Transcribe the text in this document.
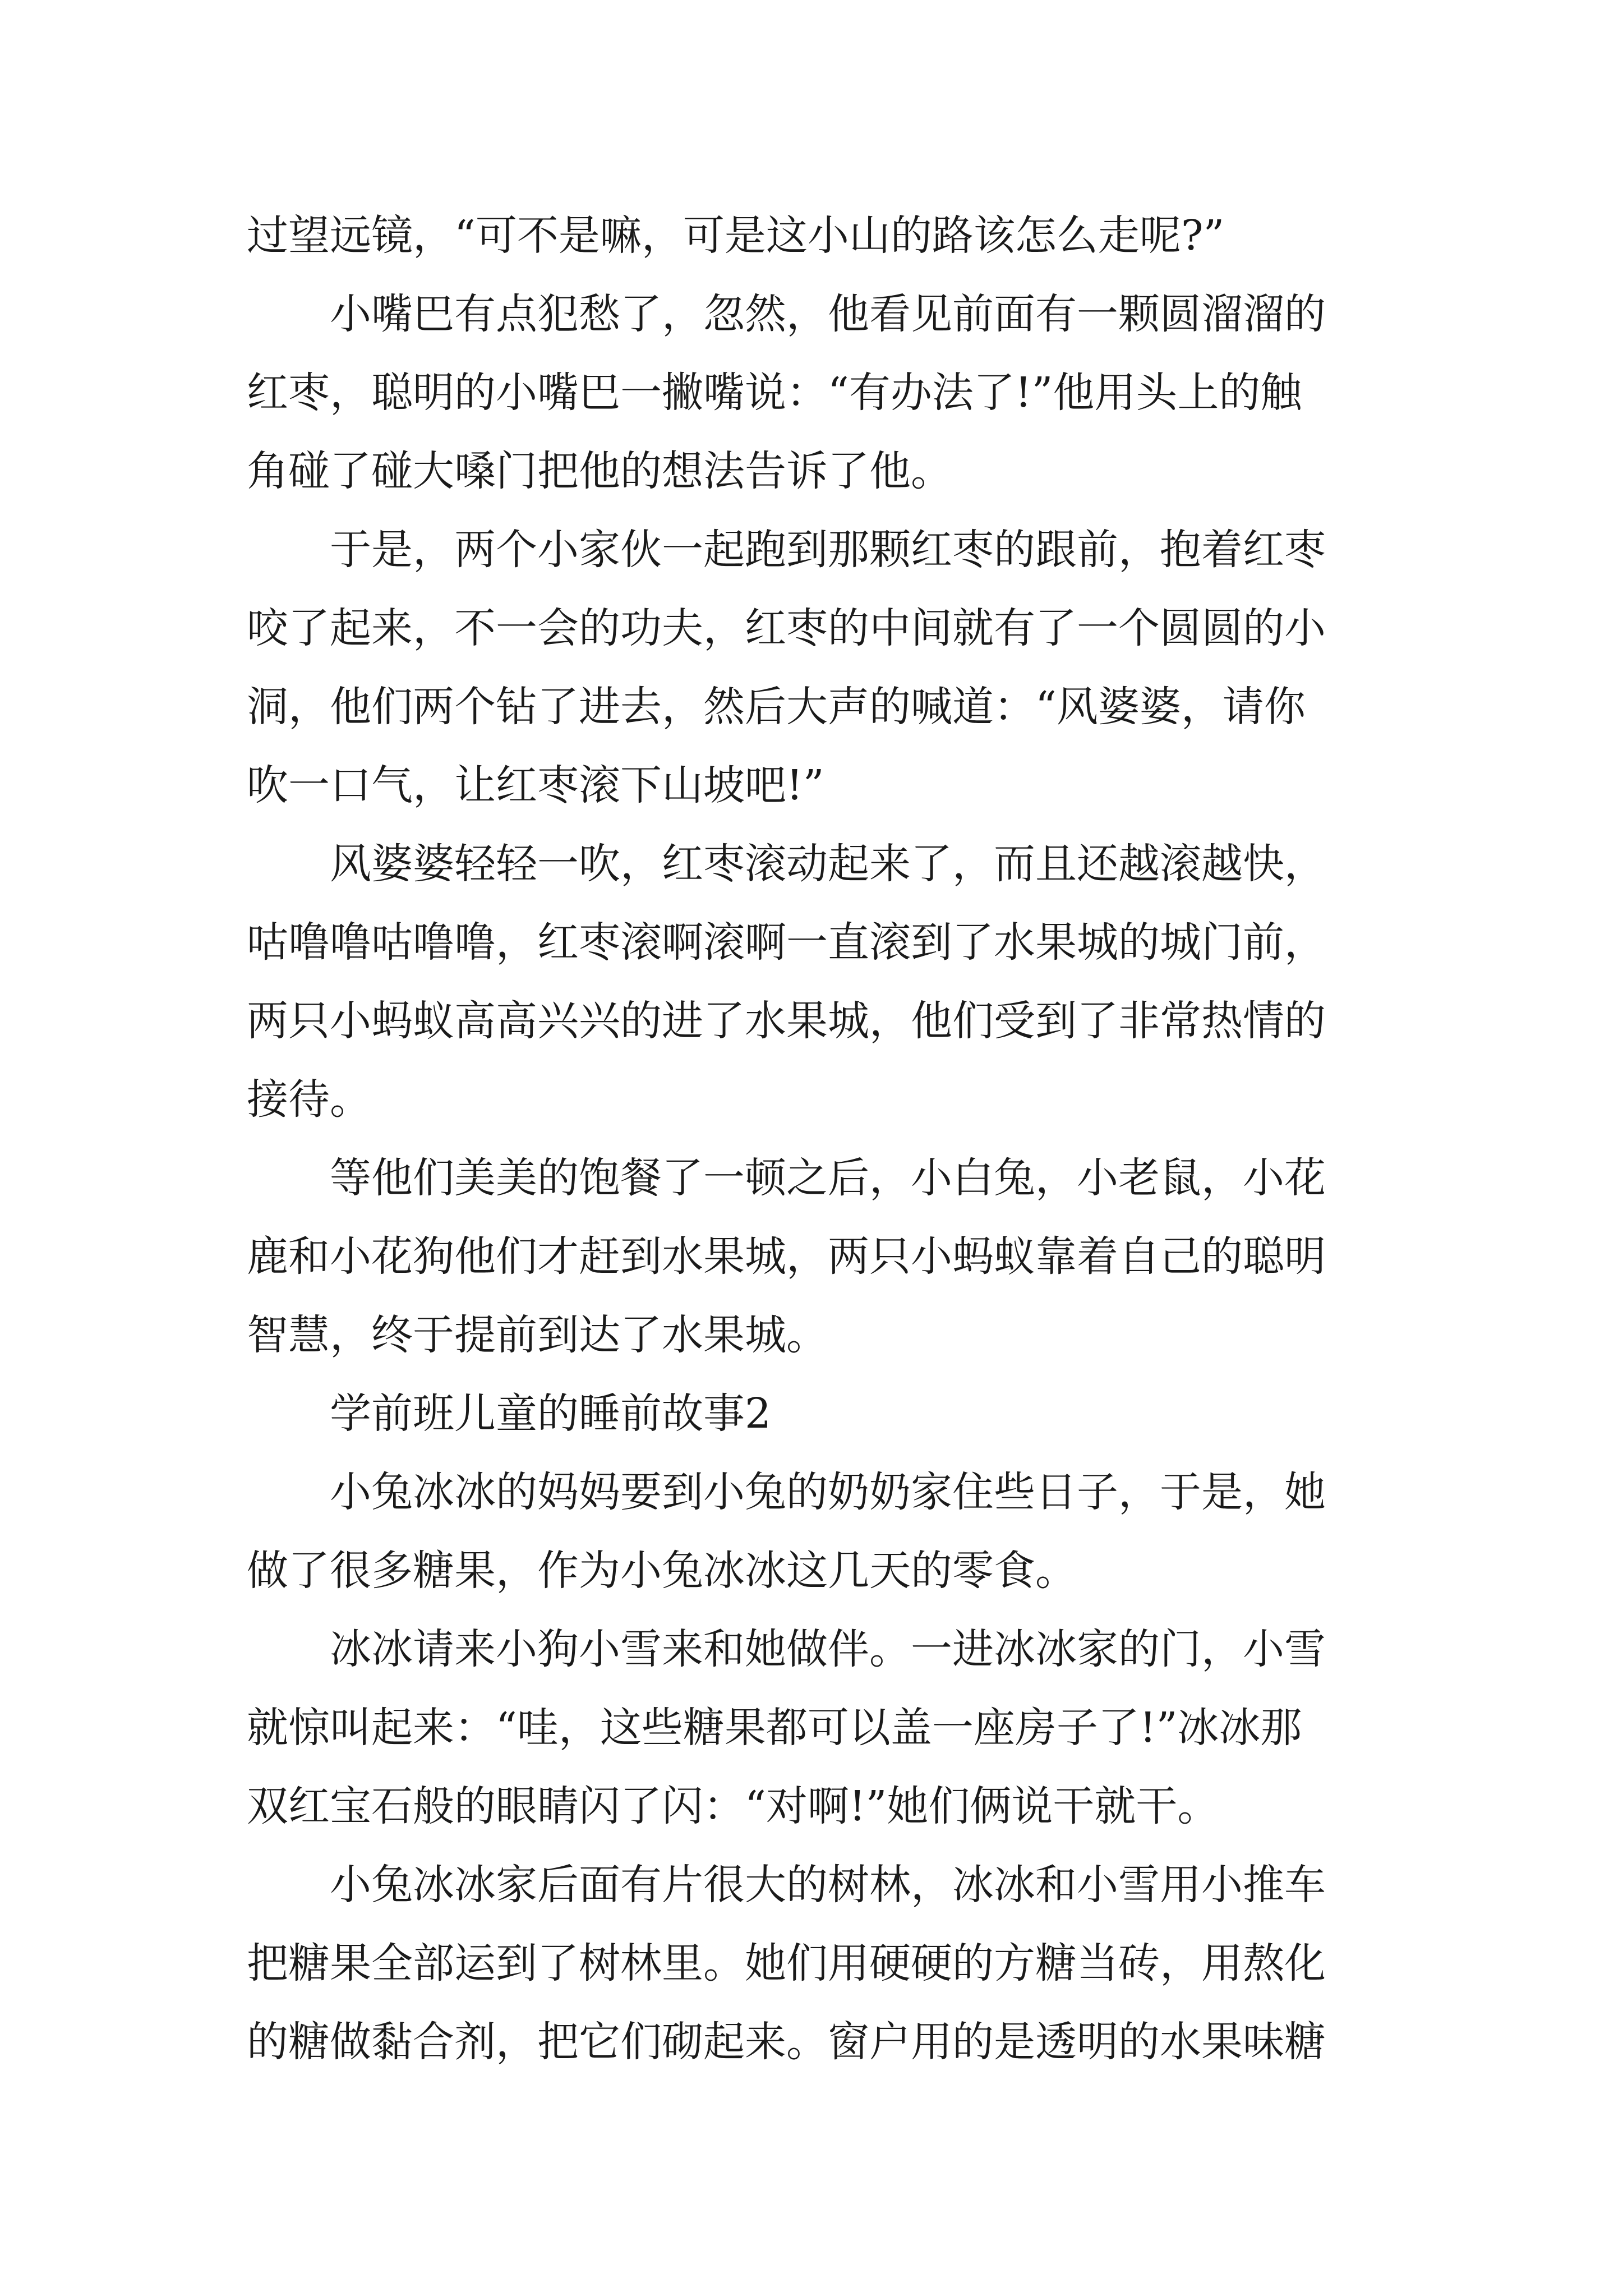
过望远镜，“可不是嘛，可是这小山的路该怎么走呢?”
小嘴巴有点犯愁了，忽然，他看见前面有一颗圆溜溜的
红枣，聪明的小嘴巴一撇嘴说：“有办法了!”他用头上的触
角碰了碰大嗓门把他的想法告诉了他。
于是，两个小家伙一起跑到那颗红枣的跟前，抱着红枣
咬了起来，不一会的功夫，红枣的中间就有了一个圆圆的小
洞，他们两个钻了进去，然后大声的喊道：“风婆婆，请你
吹一口气，让红枣滚下山坡吧!”
风婆婆轻轻一吹，红枣滚动起来了，而且还越滚越快，
咕噜噜咕噜噜，红枣滚啊滚啊一直滚到了水果城的城门前，
两只小蚂蚁高高兴兴的进了水果城，他们受到了非常热情的
接待。
等他们美美的饱餐了一顿之后，小白兔，小老鼠，小花
鹿和小花狗他们才赶到水果城，两只小蚂蚁靠着自己的聪明
智慧，终于提前到达了水果城。
学前班儿童的睡前故事2
小兔冰冰的妈妈要到小兔的奶奶家住些日子，于是，她
做了很多糖果，作为小兔冰冰这几天的零食。
冰冰请来小狗小雪来和她做伴。一进冰冰家的门，小雪
就惊叫起来：“哇，这些糖果都可以盖一座房子了!”冰冰那
双红宝石般的眼睛闪了闪：“对啊!”她们俩说干就干。
小兔冰冰家后面有片很大的树林，冰冰和小雪用小推车
把糖果全部运到了树林里。她们用硬硬的方糖当砖，用熬化
的糖做黏合剂，把它们砌起来。窗户用的是透明的水果味糖
